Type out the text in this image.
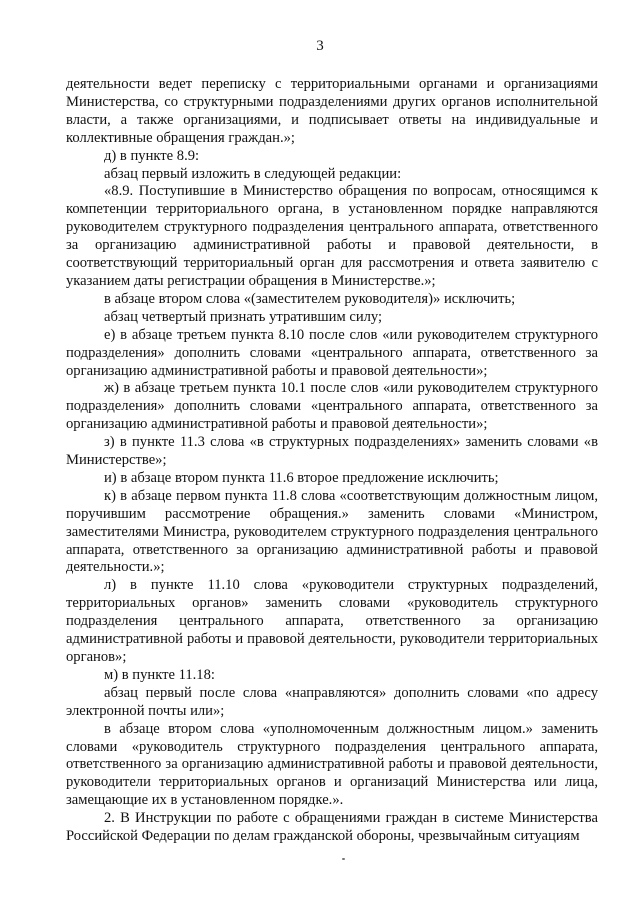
3

деятельности ведет переписку с территориальными органами и организациями Министерства, со структурными подразделениями других органов исполнительной власти, а также организациями, и подписывает ответы на индивидуальные и коллективные обращения граждан.»;

д) в пункте 8.9:

абзац первый изложить в следующей редакции:

«8.9. Поступившие в Министерство обращения по вопросам, относящимся к компетенции территориального органа, в установленном порядке направляются руководителем структурного подразделения центрального аппарата, ответственного за организацию административной работы и правовой деятельности, в соответствующий территориальный орган для рассмотрения и ответа заявителю с указанием даты регистрации обращения в Министерстве.»;

в абзаце втором слова «(заместителем руководителя)» исключить;

абзац четвертый признать утратившим силу;

е) в абзаце третьем пункта 8.10 после слов «или руководителем структурного подразделения» дополнить словами «центрального аппарата, ответственного за организацию административной работы и правовой деятельности»;

ж) в абзаце третьем пункта 10.1 после слов «или руководителем структурного подразделения» дополнить словами «центрального аппарата, ответственного за организацию административной работы и правовой деятельности»;

з) в пункте 11.3 слова «в структурных подразделениях» заменить словами «в Министерстве»;

и) в абзаце втором пункта 11.6 второе предложение исключить;

к) в абзаце первом пункта 11.8 слова «соответствующим должностным лицом, поручившим рассмотрение обращения.» заменить словами «Министром, заместителями Министра, руководителем структурного подразделения центрального аппарата, ответственного за организацию административной работы и правовой деятельности.»;

л) в пункте 11.10 слова «руководители структурных подразделений, территориальных органов» заменить словами «руководитель структурного подразделения центрального аппарата, ответственного за организацию административной работы и правовой деятельности, руководители территориальных органов»;

м) в пункте 11.18:

абзац первый после слова «направляются» дополнить словами «по адресу электронной почты или»;

в абзаце втором слова «уполномоченным должностным лицом.» заменить словами «руководитель структурного подразделения центрального аппарата, ответственного за организацию административной работы и правовой деятельности, руководители территориальных органов и организаций Министерства или лица, замещающие их в установленном порядке.».

2. В Инструкции по работе с обращениями граждан в системе Министерства Российской Федерации по делам гражданской обороны, чрезвычайным ситуациям
